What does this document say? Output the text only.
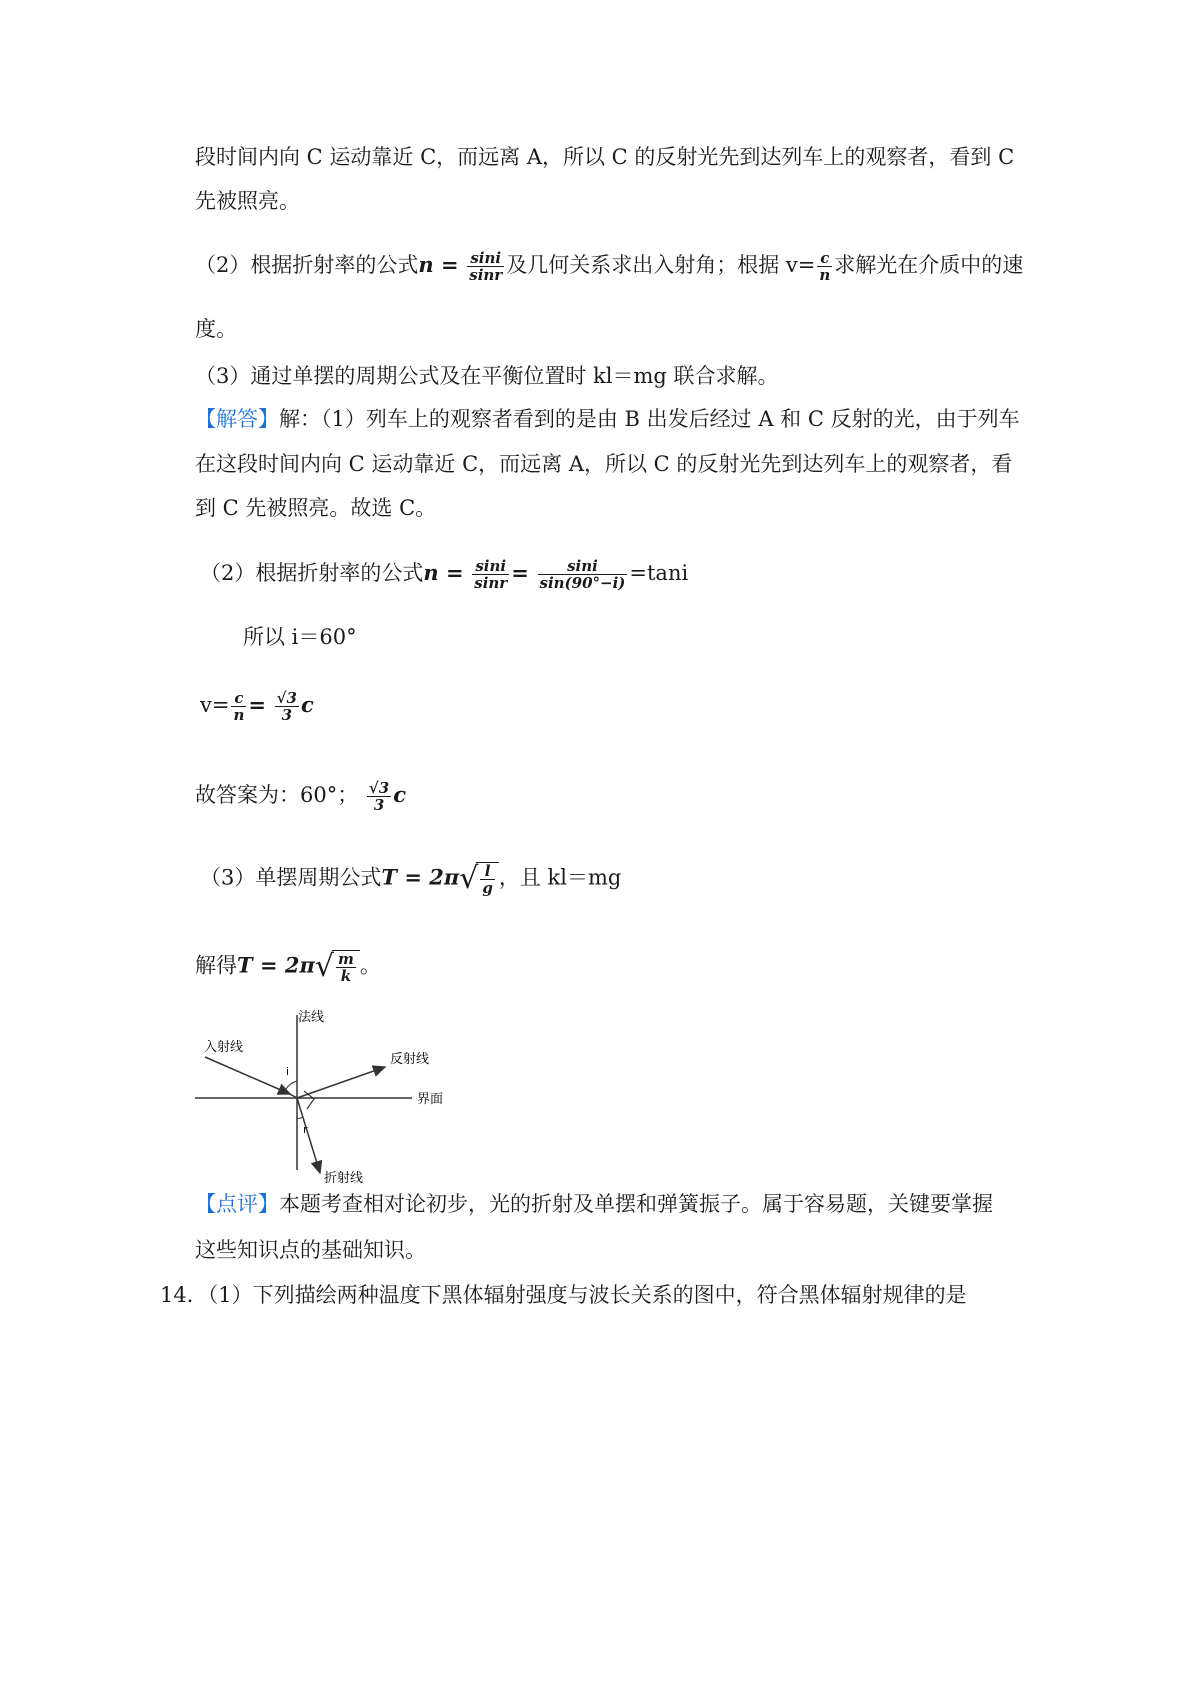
段时间内向 C 运动靠近 C，而远离 A，所以 C 的反射光先到达列车上的观察者，看到 C
先被照亮。
（2）根据折射率的公式$n = \frac{\sin i}{\sin r}$ 及几何关系求出入射角；根据 $v= \frac{c}{n}$ 求解光在介质中的速
度。
（3）通过单摆的周期公式及在平衡位置时 kl＝mg 联合求解。
【解答】解：（1）列车上的观察者看到的是由 B 出发后经过 A 和 C 反射的光，由于列车
在这段时间内向 C 运动靠近 C，而远离 A，所以 C 的反射光先到达列车上的观察者，看
到 C 先被照亮。故选 C。
（2）根据折射率的公式$n = \frac{\sin i}{\sin r} = \frac{\sin i}{\sin(90^\circ-i)} =\tan i$
所以 i＝60°
$v= \frac{c}{n} = \frac{√3}{3}$ c
故答案为：60°； $\frac{√3}{3}$ c
（3）单摆周期公式$T = 2\pi√ \frac{l}{g}$ ，且 kl＝mg
解得$T = 2\pi√ \frac{m}{k}$ 。
法线
入射线
反射线
界面
折射线
i
r
【点评】本题考查相对论初步，光的折射及单摆和弹簧振子。属于容易题，关键要掌握
这些知识点的基础知识。
14．（1）下列描绘两种温度下黑体辐射强度与波长关系的图中，符合黑体辐射规律的是
